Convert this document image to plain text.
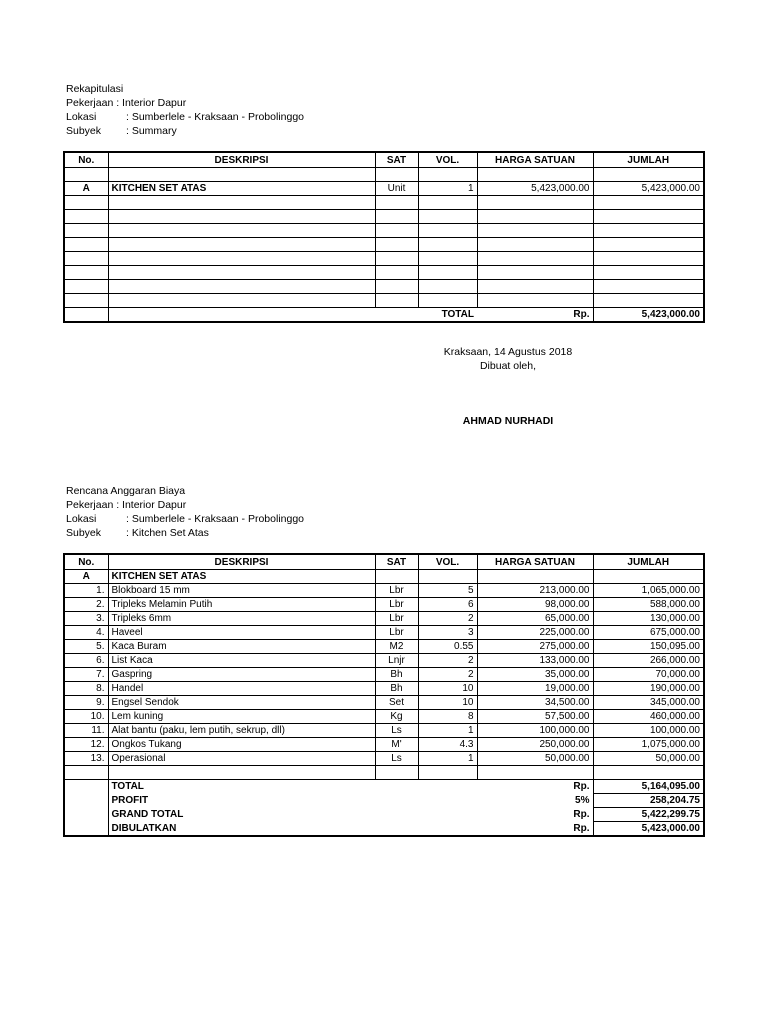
Rekapitulasi
Pekerjaan : Interior Dapur
Lokasi	: Sumberlele - Kraksaan - Probolinggo
Subyek : Summary
No.	DESKRIPSI	SAT	VOL.	HARGA SATUAN	JUMLAH

A	KITCHEN SET ATAS	Unit	1	5,423,000.00	5,423,000.00

		TOTAL		Rp.	5,423,000.00
Kraksaan, 14 Agustus 2018
Dibuat oleh,
AHMAD NURHADI
Rencana Anggaran Biaya
Pekerjaan : Interior Dapur
Lokasi	: Sumberlele - Kraksaan - Probolinggo
Subyek : Kitchen Set Atas
No.	DESKRIPSI	SAT	VOL.	HARGA SATUAN	JUMLAH
A	KITCHEN SET ATAS				
1.	Blokboard 15 mm	Lbr	5	213,000.00	1,065,000.00
2.	Tripleks Melamin Putih	Lbr	6	98,000.00	588,000.00
3.	Tripleks 6mm	Lbr	2	65,000.00	130,000.00
4.	Haveel	Lbr	3	225,000.00	675,000.00
5.	Kaca Buram	M2	0.55	275,000.00	150,095.00
6.	List Kaca	Lnjr	2	133,000.00	266,000.00
7.	Gaspring	Bh	2	35,000.00	70,000.00
8.	Handel	Bh	10	19,000.00	190,000.00
9.	Engsel Sendok	Set	10	34,500.00	345,000.00
10.	Lem kuning	Kg	8	57,500.00	460,000.00
11.	Alat bantu (paku, lem putih, sekrup, dll)	Ls	1	100,000.00	100,000.00
12.	Ongkos Tukang	M'	4.3	250,000.00	1,075,000.00
13.	Operasional	Ls	1	50,000.00	50,000.00

	TOTAL			Rp.	5,164,095.00
	PROFIT			5%	258,204.75
	GRAND TOTAL			Rp.	5,422,299.75
	DIBULATKAN			Rp.	5,423,000.00
